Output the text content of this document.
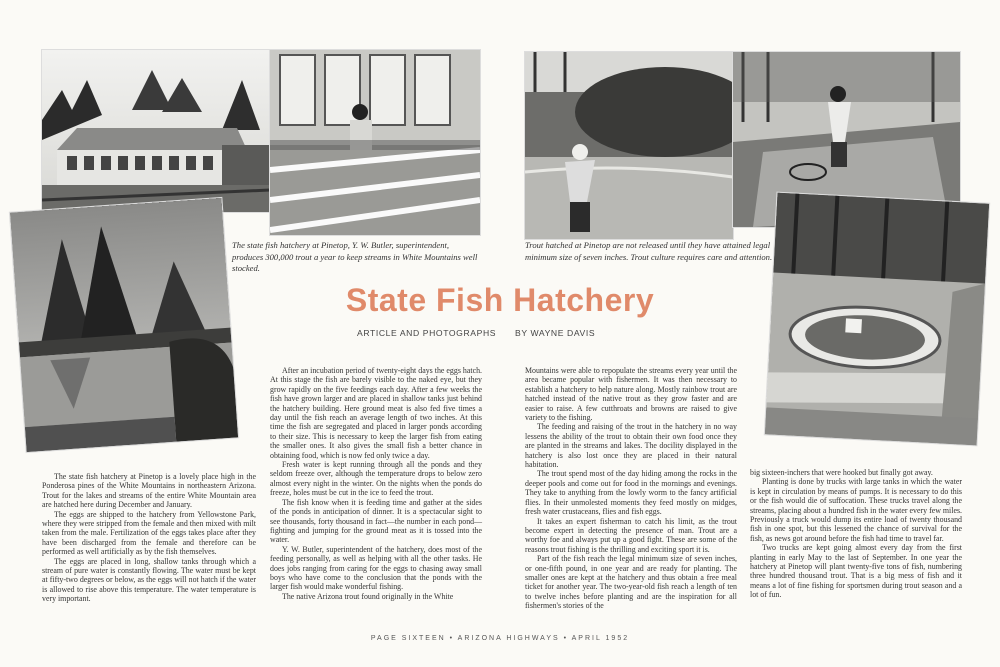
The state fish hatchery at Pinetop, Y. W. Butler, superintendent, produces 300,000 trout a year to keep streams in White Mountains well stocked.
Trout hatched at Pinetop are not released until they have attained legal minimum size of seven inches. Trout culture requires care and attention.
State Fish Hatchery
ARTICLE AND PHOTOGRAPHS BY WAYNE DAVIS

The state fish hatchery at Pinetop is a lovely place high in the Ponderosa pines of the White Mountains in northeastern Arizona. Trout for the lakes and streams of the entire White Mountain area are hatched here during December and January.

The eggs are shipped to the hatchery from Yellowstone Park, where they were stripped from the female and then mixed with milt taken from the male. Fertilization of the eggs takes place after they have been discharged from the female and therefore can be performed as well artificially as by the fish themselves.

The eggs are placed in long, shallow tanks through which a stream of pure water is constantly flowing. The water must be kept at fifty-two degrees or below, as the eggs will not hatch if the water is allowed to rise above this temperature. The water temperature is very important.

After an incubation period of twenty-eight days the eggs hatch. At this stage the fish are barely visible to the naked eye, but they grow rapidly on the five feedings each day. After a few weeks the fish have grown larger and are placed in shallow tanks just behind the hatchery building. Here ground meat is also fed five times a day until the fish reach an average length of two inches. At this time the fish are segregated and placed in larger ponds according to their size. This is necessary to keep the larger fish from eating the smaller ones. It also gives the small fish a better chance in obtaining food, which is now fed only twice a day.

Fresh water is kept running through all the ponds and they seldom freeze over, although the temperature drops to below zero almost every night in the winter. On the nights when the ponds do freeze, holes must be cut in the ice to feed the trout.

The fish know when it is feeding time and gather at the sides of the ponds in anticipation of dinner. It is a spectacular sight to see thousands, forty thousand in fact—the number in each pond—fighting and jumping for the ground meat as it is tossed into the water.

Y. W. Butler, superintendent of the hatchery, does most of the feeding personally, as well as helping with all the other tasks. He does jobs ranging from caring for the eggs to chasing away small boys who have come to the conclusion that the ponds with the larger fish would make wonderful fishing.

The native Arizona trout found originally in the White

Mountains were able to repopulate the streams every year until the area became popular with fishermen. It was then necessary to establish a hatchery to help nature along. Mostly rainbow trout are hatched instead of the native trout as they grow faster and are easier to raise. A few cutthroats and browns are raised to give variety to the fishing.

The feeding and raising of the trout in the hatchery in no way lessens the ability of the trout to obtain their own food once they are planted in the streams and lakes. The docility displayed in the hatchery is also lost once they are placed in their natural habitation.

The trout spend most of the day hiding among the rocks in the deeper pools and come out for food in the mornings and evenings. They take to anything from the lowly worm to the fancy artificial flies. In their unmolested moments they feed mostly on midges, fresh water crustaceans, flies and fish eggs.

It takes an expert fisherman to catch his limit, as the trout become expert in detecting the presence of man. Trout are a worthy foe and always put up a good fight. These are some of the reasons trout fishing is the thrilling and exciting sport it is.

Part of the fish reach the legal minimum size of seven inches, or one-fifth pound, in one year and are ready for planting. The smaller ones are kept at the hatchery and thus obtain a free meal ticket for another year. The two-year-old fish reach a length of ten to twelve inches before planting and are the inspiration for all fishermen's stories of the

big sixteen-inchers that were hooked but finally got away.

Planting is done by trucks with large tanks in which the water is kept in circulation by means of pumps. It is necessary to do this or the fish would die of suffocation. These trucks travel along the streams, placing about a hundred fish in the water every few miles. Previously a truck would dump its entire load of twenty thousand fish in one spot, but this lessened the chance of survival for the fish, as news got around before the fish had time to travel far.

Two trucks are kept going almost every day from the first planting in early May to the last of September. In one year the hatchery at Pinetop will plant twenty-five tons of fish, numbering three hundred thousand trout. That is a big mess of fish and it means a lot of fine fishing for sportsmen during trout season and a lot of fun.

PAGE SIXTEEN • ARIZONA HIGHWAYS • APRIL 1952
